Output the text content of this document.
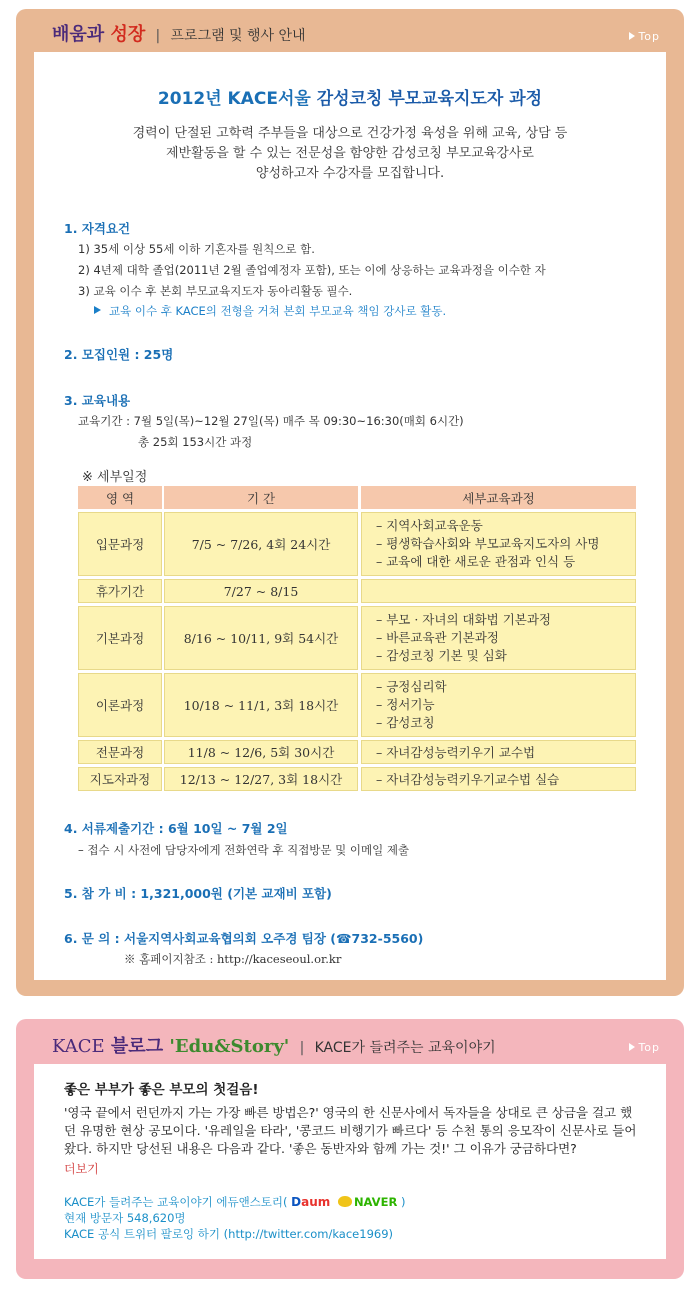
배움과 성장 | 프로그램 및 행사 안내	Top
2012년 KACE서울 감성코칭 부모교육지도자 과정
경력이 단절된 고학력 주부들을 대상으로 건강가정 육성을 위해 교육, 상담 등
제반활동을 할 수 있는 전문성을 함양한 감성코칭 부모교육강사로
양성하고자 수강자를 모집합니다.
1. 자격요건
1) 35세 이상 55세 이하 기혼자를 원칙으로 함.
2) 4년제 대학 졸업(2011년 2월 졸업예정자 포함), 또는 이에 상응하는 교육과정을 이수한 자
3) 교육 이수 후 본회 부모교육지도자 동아리활동 필수.
교육 이수 후 KACE의 전형을 거쳐 본회 부모교육 책임 강사로 활동.
2. 모집인원 : 25명
3. 교육내용
교육기간 : 7월 5일(목)~12월 27일(목) 매주 목 09:30~16:30(매회 6시간)
총 25회 153시간 과정
※ 세부일정
영 역	기 간	세부교육과정
입문과정	7/5 ~ 7/26, 4회 24시간
– 지역사회교육운동
– 평생학습사회와 부모교육지도자의 사명
– 교육에 대한 새로운 관점과 인식 등
휴가기간	7/27 ~ 8/15
기본과정	8/16 ~ 10/11, 9회 54시간
– 부모 · 자녀의 대화법 기본과정
– 바른교육관 기본과정
– 감성코칭 기본 및 심화
이론과정	10/18 ~ 11/1, 3회 18시간
– 긍정심리학
– 정서기능
– 감성코칭
전문과정	11/8 ~ 12/6, 5회 30시간	– 자녀감성능력키우기 교수법
지도자과정	12/13 ~ 12/27, 3회 18시간	– 자녀감성능력키우기교수법 실습
4. 서류제출기간 : 6월 10일 ~ 7월 2일
– 접수 시 사전에 담당자에게 전화연락 후 직접방문 및 이메일 제출
5. 참 가 비 : 1,321,000원 (기본 교재비 포함)
6. 문 의 : 서울지역사회교육협의회 오주경 팀장 (☎732-5560)
※ 홈페이지참조 : http://kaceseoul.or.kr
KACE 블로그 'Edu&Story' | KACE가 들려주는 교육이야기	Top
좋은 부부가 좋은 부모의 첫걸음!
'영국 끝에서 런던까지 가는 가장 빠른 방법은?' 영국의 한 신문사에서 독자들을 상대로 큰 상금을 걸고 했던 유명한 현상 공모이다. '유레일을 타라', '콩코드 비행기가 빠르다' 등 수천 통의 응모작이 신문사로 들어왔다. 하지만 당선된 내용은 다음과 같다. '좋은 동반자와 함께 가는 것!' 그 이유가 궁금하다면?
더보기
KACE가 들려주는 교육이야기 에듀앤스토리( Daum NAVER )
현재 방문자 548,620명
KACE 공식 트위터 팔로잉 하기 (http://twitter.com/kace1969)
